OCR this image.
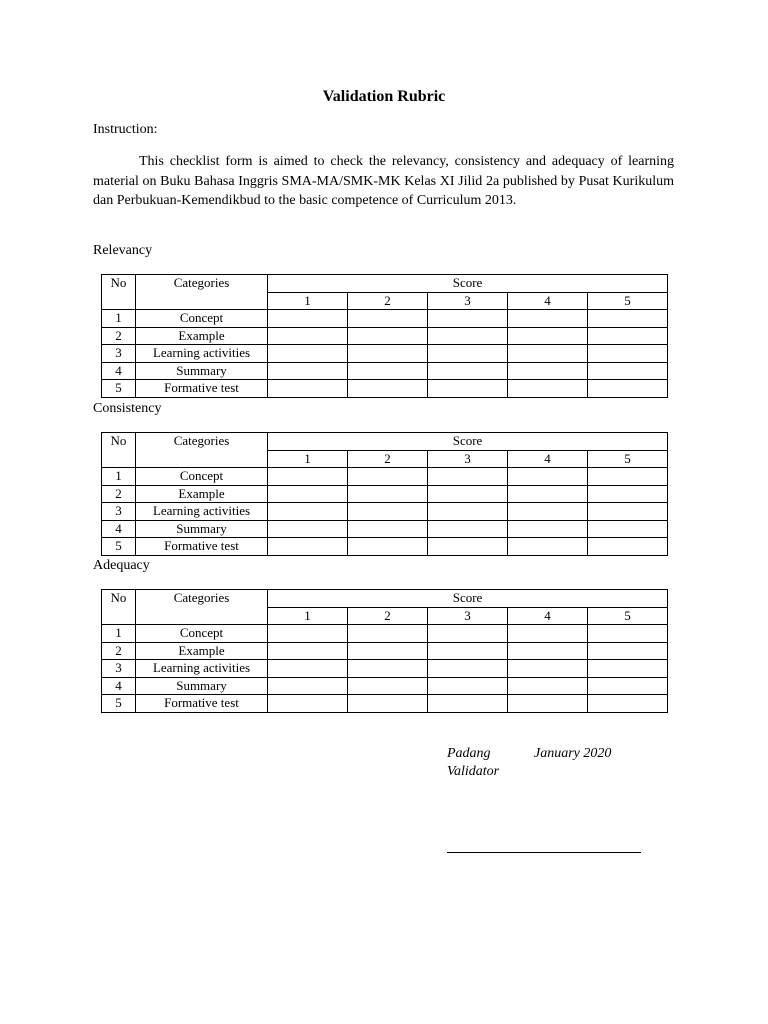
Validation Rubric
Instruction:

This checklist form is aimed to check the relevancy, consistency and adequacy of learning material on Buku Bahasa Inggris SMA-MA/SMK-MK Kelas XI Jilid 2a published by Pusat Kurikulum dan Perbukuan-Kemendikbud to the basic competence of Curriculum 2013.

Relevancy
No	Categories	Score				
		1	2	3	4	5
1	Concept					
2	Example					
3	Learning activities					
4	Summary					
5	Formative test					
Consistency
No	Categories	Score				
		1	2	3	4	5
1	Concept					
2	Example					
3	Learning activities					
4	Summary					
5	Formative test					
Adequacy
No	Categories	Score				
		1	2	3	4	5
1	Concept					
2	Example					
3	Learning activities					
4	Summary					
5	Formative test					
Padang	January 2020
Validator
